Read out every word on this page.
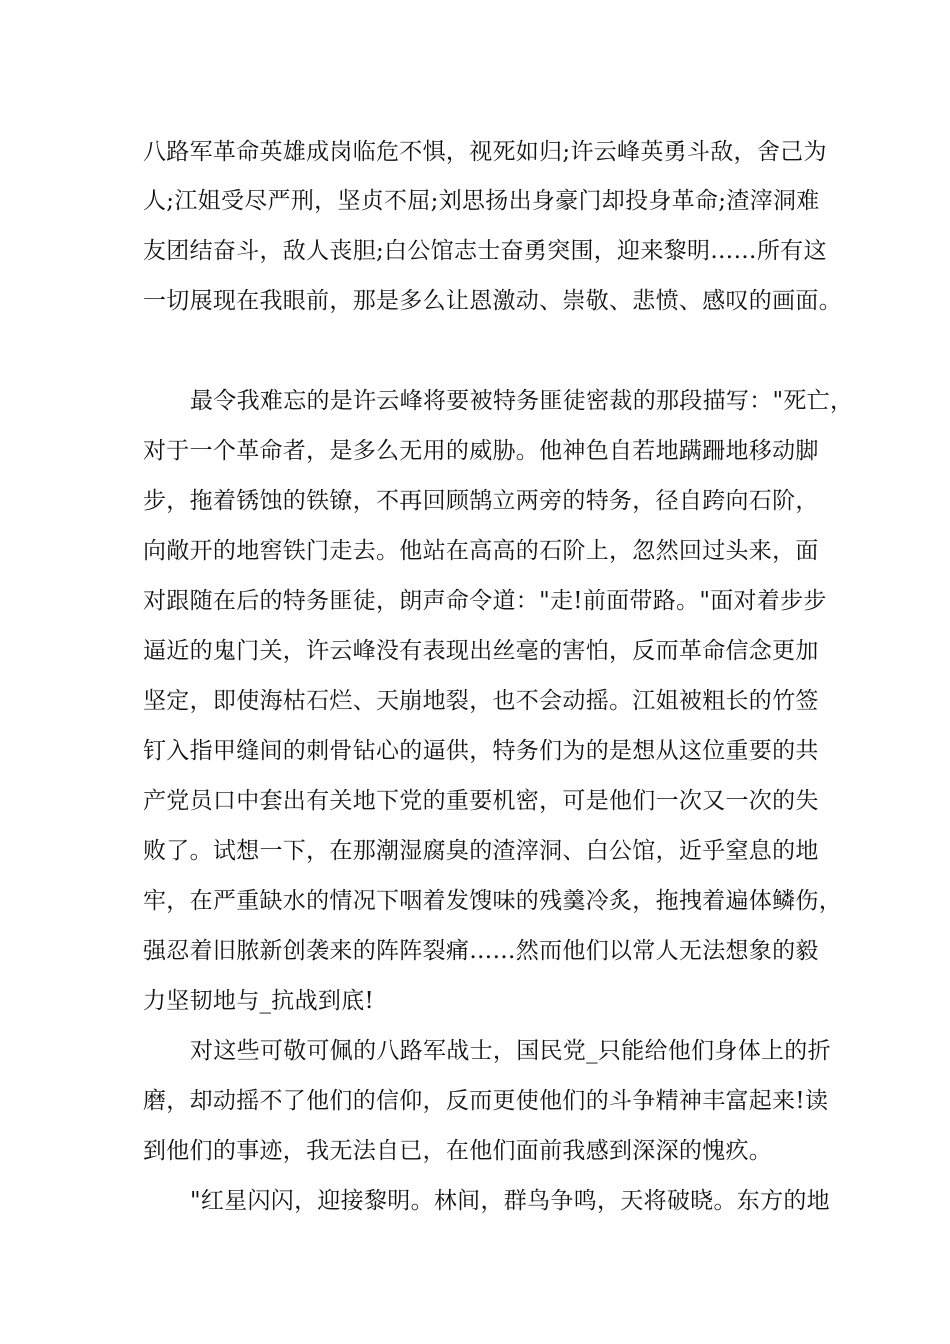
八路军革命英雄成岗临危不惧，视死如归;许云峰英勇斗敌，舍己为
人;江姐受尽严刑，坚贞不屈;刘思扬出身豪门却投身革命;渣滓洞难
友团结奋斗，敌人丧胆;白公馆志士奋勇突围，迎来黎明……所有这
一切展现在我眼前，那是多么让恩激动、崇敬、悲愤、感叹的画面。
最令我难忘的是许云峰将要被特务匪徒密裁的那段描写："死亡，
对于一个革命者，是多么无用的威胁。他神色自若地蹒跚地移动脚
步，拖着锈蚀的铁镣，不再回顾鹄立两旁的特务，径自跨向石阶，
向敞开的地窖铁门走去。他站在高高的石阶上，忽然回过头来，面
对跟随在后的特务匪徒，朗声命令道："走!前面带路。"面对着步步
逼近的鬼门关，许云峰没有表现出丝毫的害怕，反而革命信念更加
坚定，即使海枯石烂、天崩地裂，也不会动摇。江姐被粗长的竹签
钉入指甲缝间的刺骨钻心的逼供，特务们为的是想从这位重要的共
产党员口中套出有关地下党的重要机密，可是他们一次又一次的失
败了。试想一下，在那潮湿腐臭的渣滓洞、白公馆，近乎窒息的地
牢，在严重缺水的情况下咽着发馊味的残羹冷炙，拖拽着遍体鳞伤，
强忍着旧脓新创袭来的阵阵裂痛……然而他们以常人无法想象的毅
力坚韧地与_抗战到底!
对这些可敬可佩的八路军战士，国民党_只能给他们身体上的折
磨，却动摇不了他们的信仰，反而更使他们的斗争精神丰富起来!读
到他们的事迹，我无法自已，在他们面前我感到深深的愧疚。
"红星闪闪，迎接黎明。林间，群鸟争鸣，天将破晓。东方的地
